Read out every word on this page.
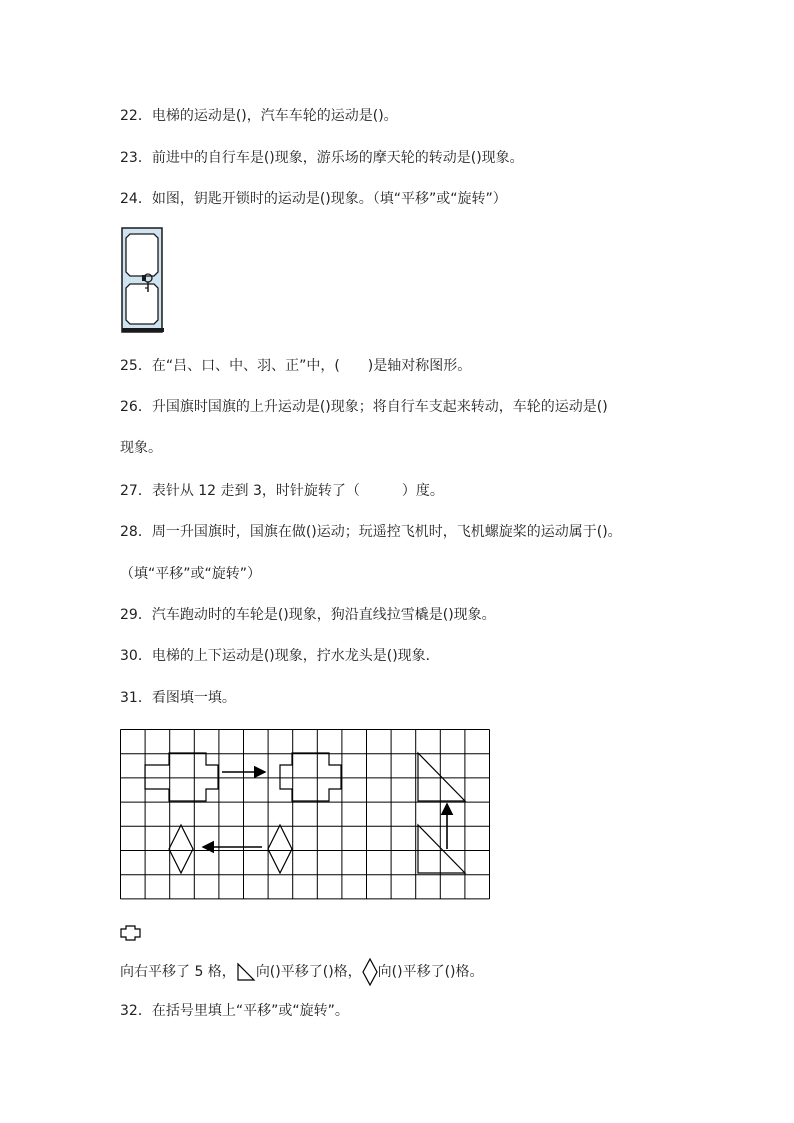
22．电梯的运动是()，汽车车轮的运动是()。
23．前进中的自行车是()现象，游乐场的摩天轮的转动是()现象。
24．如图，钥匙开锁时的运动是()现象。（填“平移”或“旋转”）
25．在“吕、口、中、羽、正”中，(　　)是轴对称图形。
26．升国旗时国旗的上升运动是()现象；将自行车支起来转动，车轮的运动是()
现象。
27．表针从 12 走到 3，时针旋转了（　　　）度。
28．周一升国旗时，国旗在做()运动；玩遥控飞机时，飞机螺旋桨的运动属于()。
（填“平移”或“旋转”）
29．汽车跑动时的车轮是()现象，狗沿直线拉雪橇是()现象。
30．电梯的上下运动是()现象，拧水龙头是()现象．
31．看图填一填。
向右平移了 5 格， 向()平移了()格， 向()平移了()格。
32．在括号里填上“平移”或“旋转”。
